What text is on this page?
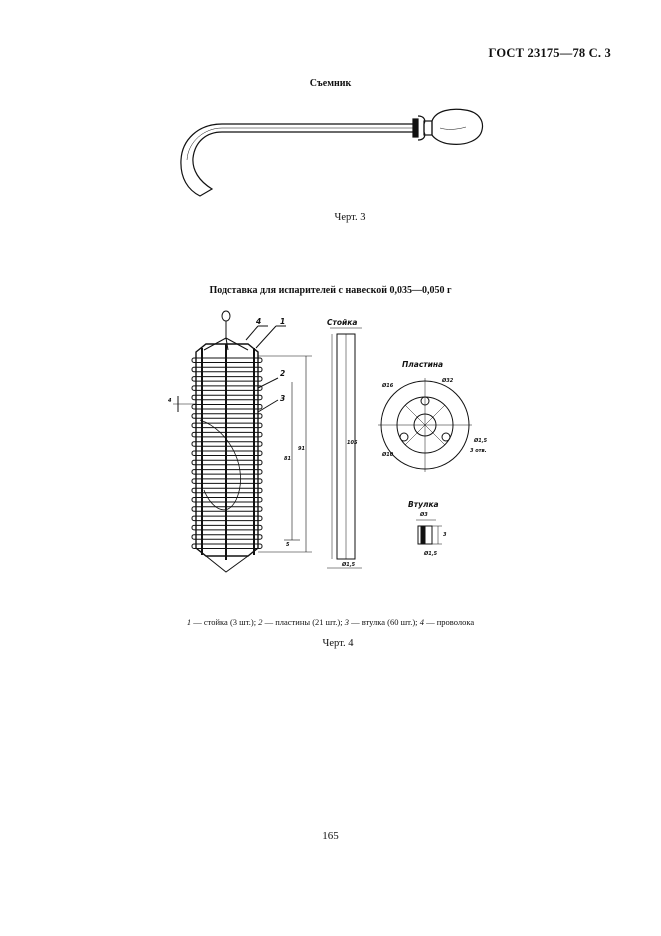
ГОСТ 23175—78 С. 3
Съемник
Черт. 3
Подставка для испарителей с навеской 0,035—0,050 г
1 — стойка (3 шт.); 2 — пластины (21 шт.); 3 — втулка (60 шт.); 4 — проволока
Черт. 4
165
4	1
2
3
4
81
91
5
Стойка
105
Ø1,5
Пластина
Ø16
Ø32
Ø10
Ø1,5
3 отв.
Втулка
Ø3
3
Ø1,5
